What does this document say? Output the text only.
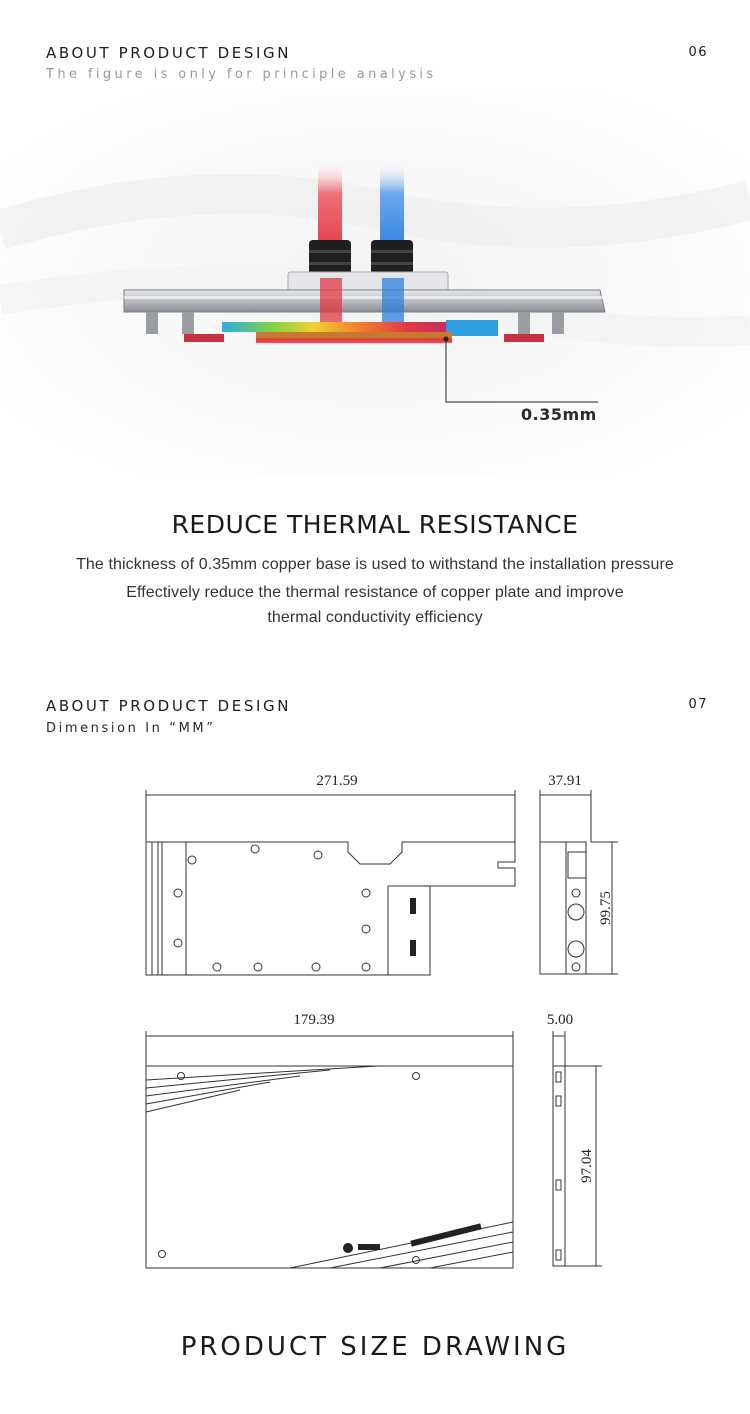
ABOUT PRODUCT DESIGN
The figure is only for principle analysis
06
0.35mm
REDUCE THERMAL RESISTANCE
The thickness of 0.35mm copper base is used to withstand the installation pressure
Effectively reduce the thermal resistance of copper plate and improve
thermal conductivity efficiency
ABOUT PRODUCT DESIGN
Dimension In “MM”
07
271.59	37.91
99.75
179.39	5.00
97.04
PRODUCT SIZE DRAWING
